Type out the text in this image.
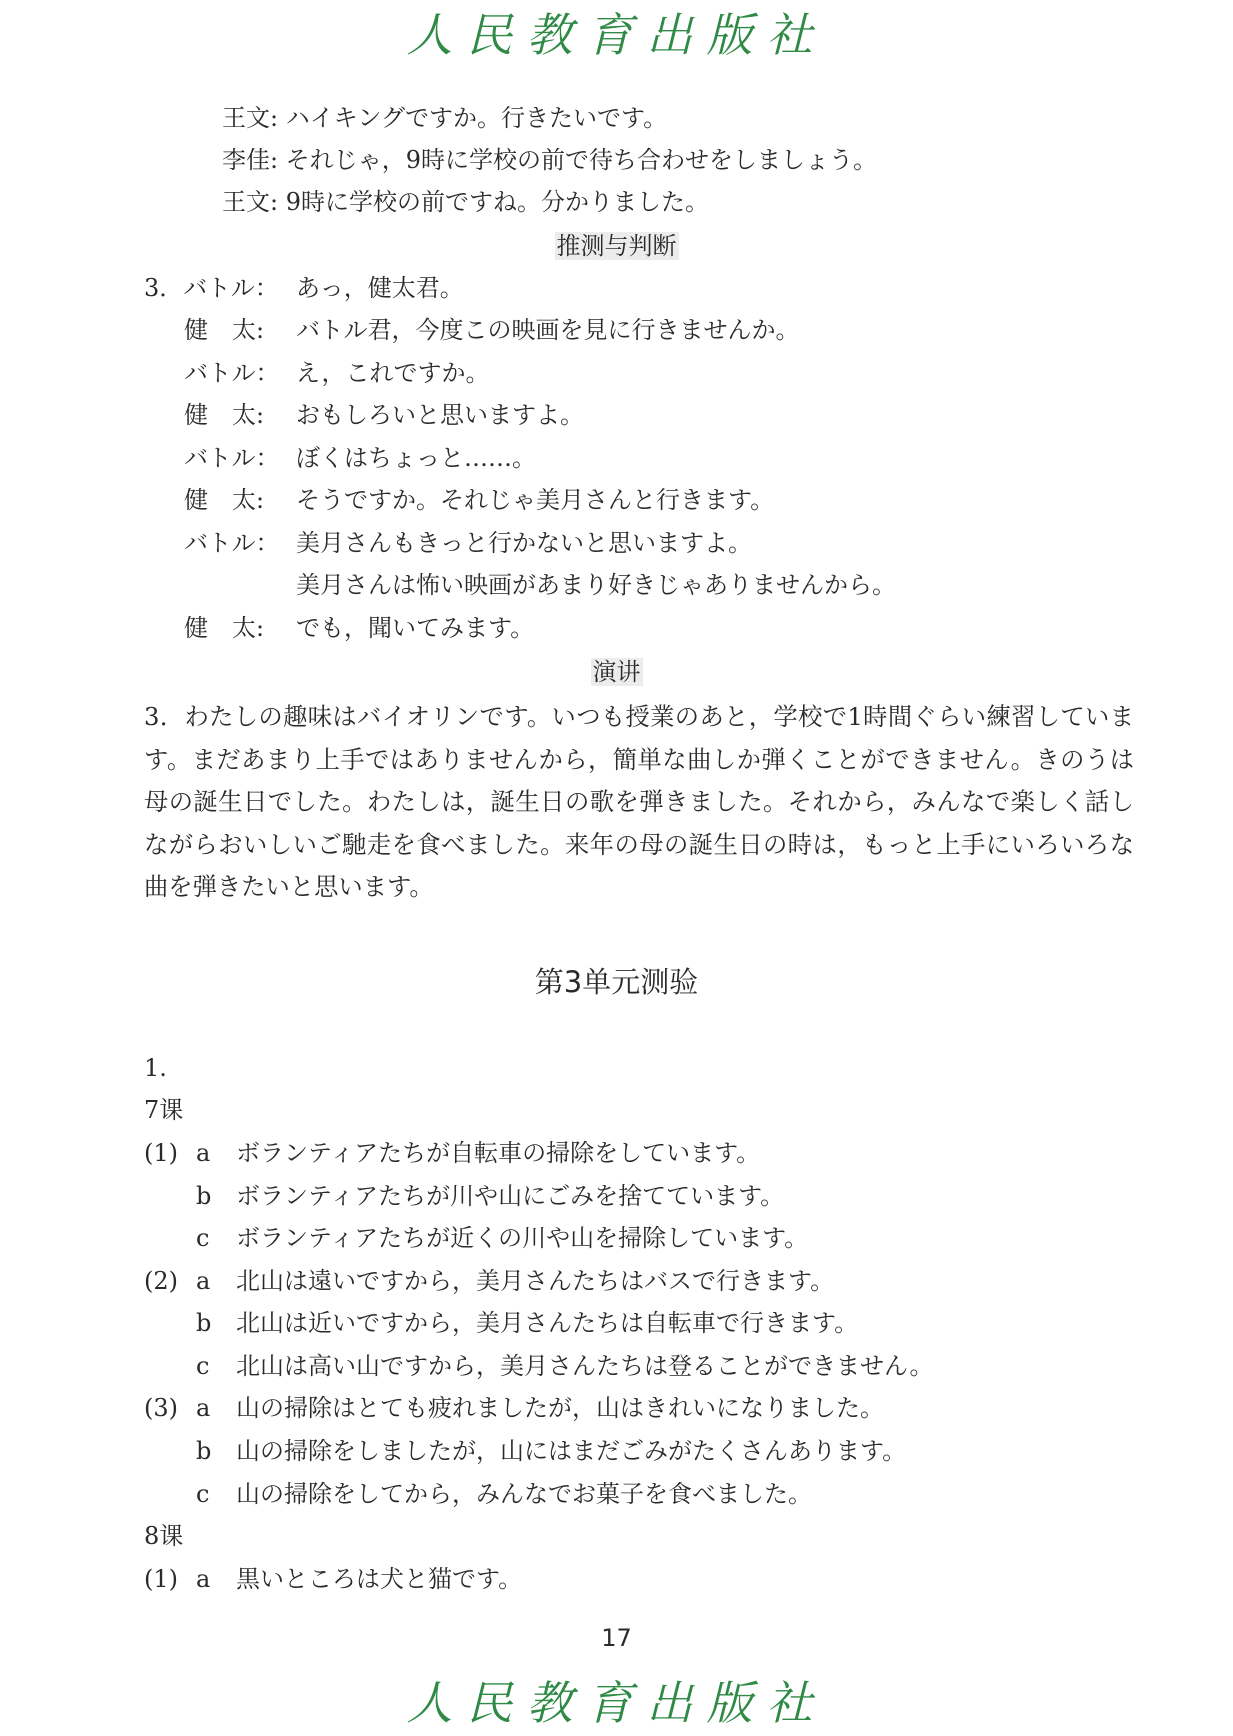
人民教育出版社
王文: ハイキングですか。行きたいです。
李佳: それじゃ，9時に学校の前で待ち合わせをしましょう。
王文: 9時に学校の前ですね。分かりました。
推测与判断
3．バトル： あっ，健太君。
健　太: バトル君，今度この映画を見に行きませんか。
バトル： え，これですか。
健　太: おもしろいと思いますよ。
バトル： ぼくはちょっと……。
健　太: そうですか。それじゃ美月さんと行きます。
バトル： 美月さんもきっと行かないと思いますよ。
美月さんは怖い映画があまり好きじゃありませんから。
健　太: でも，聞いてみます。
演讲
3．わたしの趣味はバイオリンです。いつも授業のあと，学校で1時間ぐらい練習しています。まだあまり上手ではありませんから，簡単な曲しか弾くことができません。きのうは母の誕生日でした。わたしは，誕生日の歌を弾きました。それから，みんなで楽しく話しながらおいしいご馳走を食べました。来年の母の誕生日の時は，もっと上手にいろいろな曲を弾きたいと思います。
第3单元测验
1.
7课
(1) a ボランティアたちが自転車の掃除をしています。
b ボランティアたちが川や山にごみを捨てています。
c ボランティアたちが近くの川や山を掃除しています。
(2) a 北山は遠いですから，美月さんたちはバスで行きます。
b 北山は近いですから，美月さんたちは自転車で行きます。
c 北山は高い山ですから，美月さんたちは登ることができません。
(3) a 山の掃除はとても疲れましたが，山はきれいになりました。
b 山の掃除をしましたが，山にはまだごみがたくさんあります。
c 山の掃除をしてから，みんなでお菓子を食べました。
8课
(1) a 黒いところは犬と猫です。
17
人民教育出版社
